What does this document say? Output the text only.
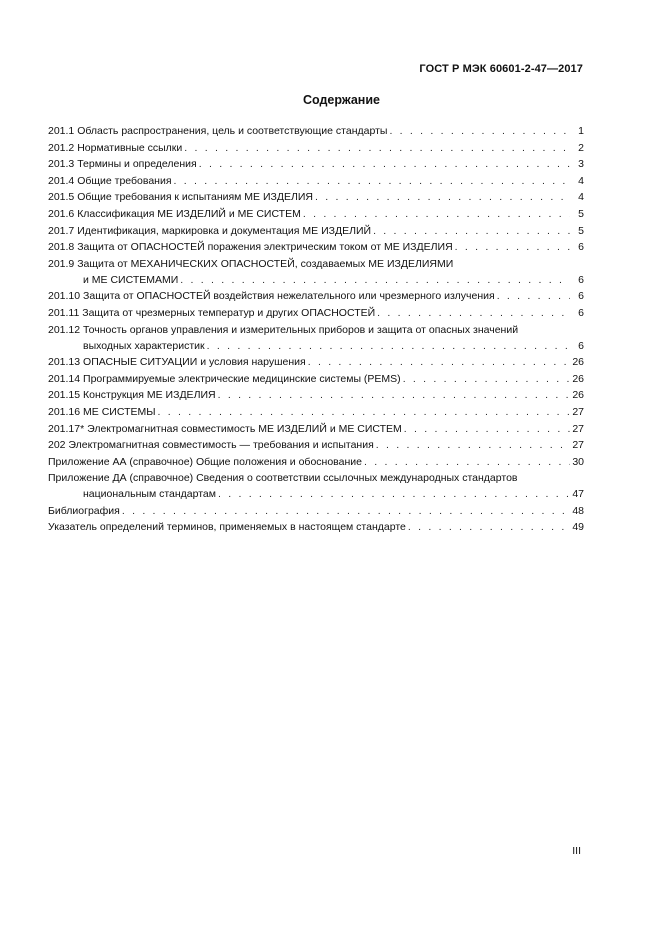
ГОСТ Р МЭК 60601-2-47—2017
Содержание
201.1 Область распространения, цель и соответствующие стандарты . . .	1
201.2 Нормативные ссылки . . .	2
201.3 Термины и определения . . .	3
201.4 Общие требования . . .	4
201.5 Общие требования к испытаниям МЕ ИЗДЕЛИЯ . . .	4
201.6 Классификация МЕ ИЗДЕЛИЙ и МЕ СИСТЕМ . . .	5
201.7 Идентификация, маркировка и документация МЕ ИЗДЕЛИЙ . . .	5
201.8 Защита от ОПАСНОСТЕЙ поражения электрическим током от МЕ ИЗДЕЛИЯ . . .	6
201.9 Защита от МЕХАНИЧЕСКИХ ОПАСНОСТЕЙ, создаваемых МЕ ИЗДЕЛИЯМИ
и МЕ СИСТЕМАМИ . . .	6
201.10 Защита от ОПАСНОСТЕЙ воздействия нежелательного или чрезмерного излучения . . .	6
201.11 Защита от чрезмерных температур и других ОПАСНОСТЕЙ . . .	6
201.12 Точность органов управления и измерительных приборов и защита от опасных значений
выходных характеристик . . .	6
201.13 ОПАСНЫЕ СИТУАЦИИ и условия нарушения . . .	26
201.14 Программируемые электрические медицинские системы (PEMS) . . .	26
201.15 Конструкция МЕ ИЗДЕЛИЯ . . .	26
201.16 МЕ СИСТЕМЫ . . .	27
201.17* Электромагнитная совместимость МЕ ИЗДЕЛИЙ и МЕ СИСТЕМ . . .	27
202 Электромагнитная совместимость — требования и испытания . . .	27
Приложение АА (справочное) Общие положения и обоснование . . .	30
Приложение ДА (справочное) Сведения о соответствии ссылочных международных стандартов
национальным стандартам . . .	47
Библиография . . .	48
Указатель определений терминов, применяемых в настоящем стандарте . . .	49
III
